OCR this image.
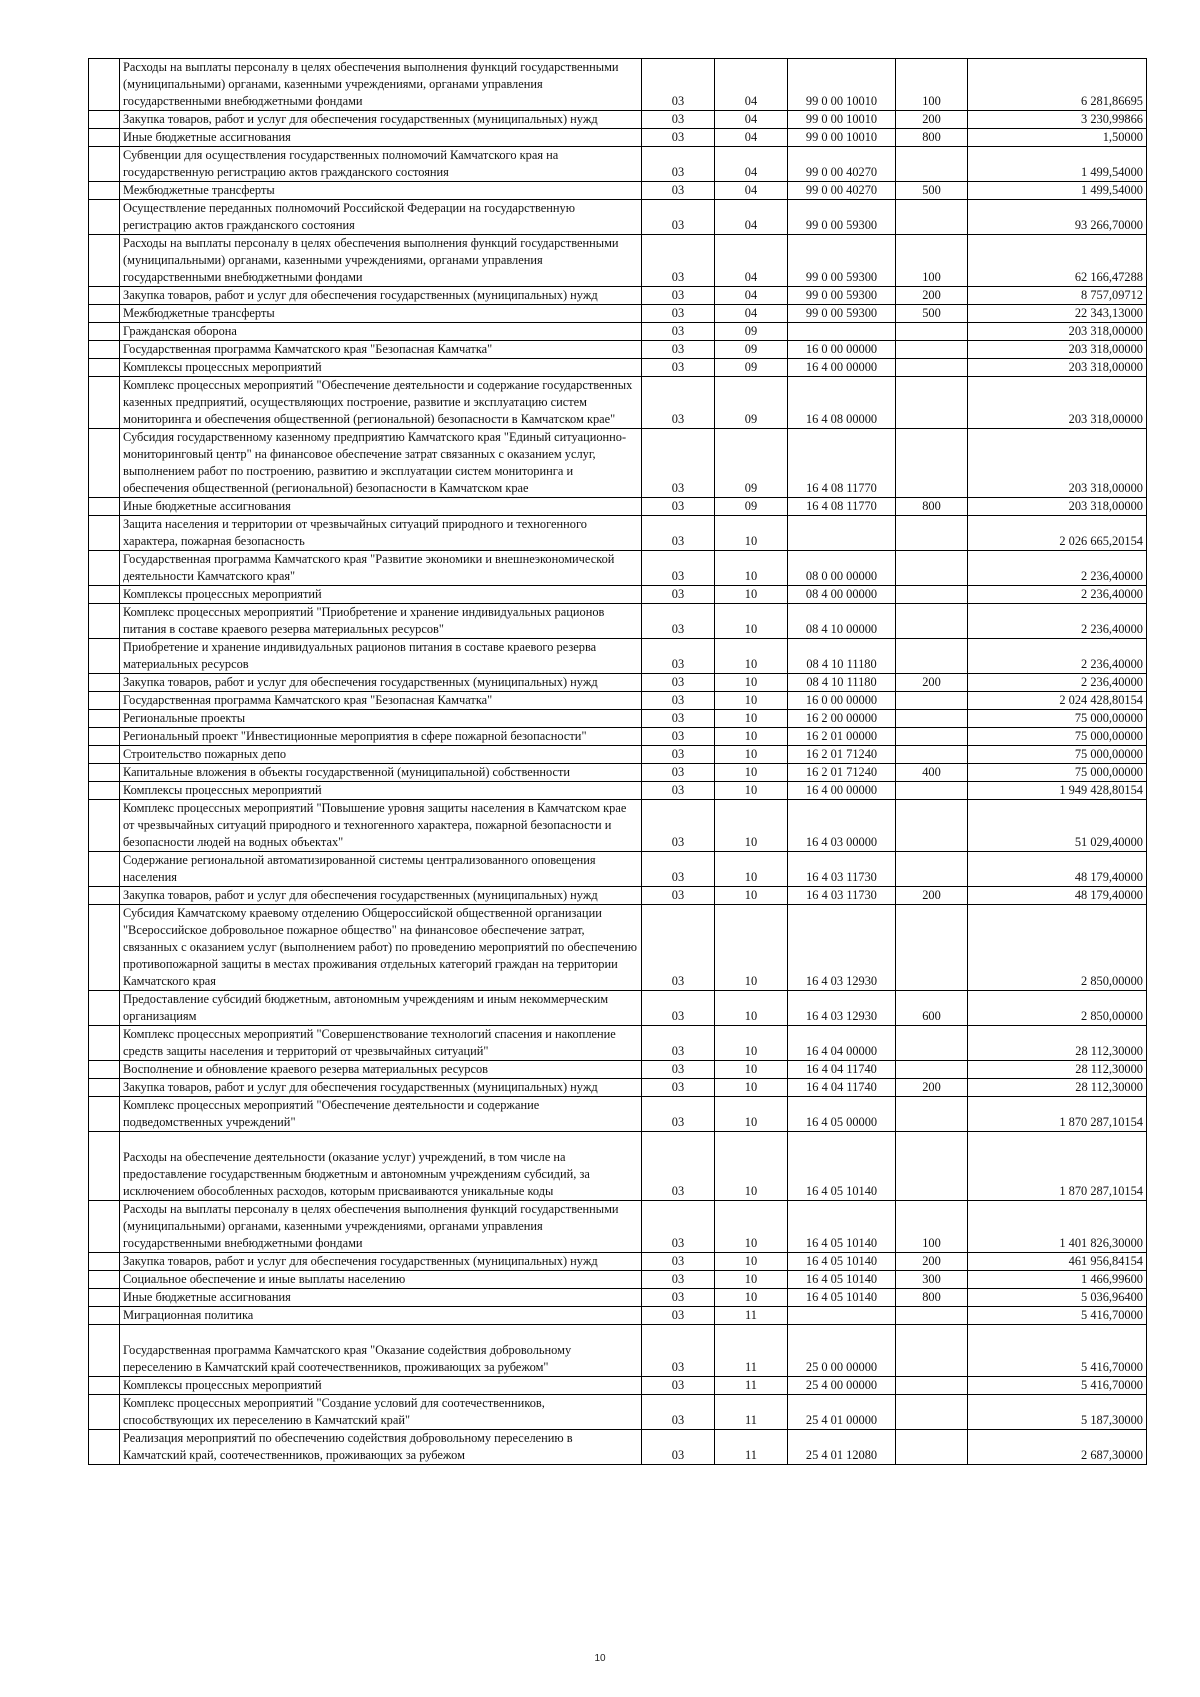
	Расходы на выплаты персоналу в целях обеспечения выполнения функций государственными (муниципальными) органами, казенными учреждениями, органами управления государственными внебюджетными фондами	03	04	99 0 00 10010	100	6 281,86695
	Закупка товаров, работ и услуг для обеспечения государственных (муниципальных) нужд	03	04	99 0 00 10010	200	3 230,99866
	Иные бюджетные ассигнования	03	04	99 0 00 10010	800	1,50000
	Субвенции для осуществления государственных полномочий Камчатского края на государственную регистрацию актов гражданского состояния	03	04	99 0 00 40270		1 499,54000
	Межбюджетные трансферты	03	04	99 0 00 40270	500	1 499,54000
	Осуществление переданных полномочий Российской Федерации на государственную регистрацию актов гражданского состояния	03	04	99 0 00 59300		93 266,70000
	Расходы на выплаты персоналу в целях обеспечения выполнения функций государственными (муниципальными) органами, казенными учреждениями, органами управления государственными внебюджетными фондами	03	04	99 0 00 59300	100	62 166,47288
	Закупка товаров, работ и услуг для обеспечения государственных (муниципальных) нужд	03	04	99 0 00 59300	200	8 757,09712
	Межбюджетные трансферты	03	04	99 0 00 59300	500	22 343,13000
	Гражданская оборона	03	09			203 318,00000
	Государственная программа Камчатского края "Безопасная Камчатка"	03	09	16 0 00 00000		203 318,00000
	Комплексы процессных мероприятий	03	09	16 4 00 00000		203 318,00000
	Комплекс процессных мероприятий "Обеспечение деятельности и содержание государственных казенных предприятий, осуществляющих построение, развитие и эксплуатацию систем мониторинга и обеспечения общественной (региональной) безопасности в Камчатском крае"	03	09	16 4 08 00000		203 318,00000
	Субсидия государственному казенному предприятию Камчатского края "Единый ситуационно-мониторинговый центр" на финансовое обеспечение затрат связанных с оказанием услуг, выполнением работ по построению, развитию и эксплуатации систем мониторинга и обеспечения общественной (региональной) безопасности в Камчатском крае	03	09	16 4 08 11770		203 318,00000
	Иные бюджетные ассигнования	03	09	16 4 08 11770	800	203 318,00000
	Защита населения и территории от чрезвычайных ситуаций природного и техногенного характера, пожарная безопасность	03	10			2 026 665,20154
	Государственная программа Камчатского края "Развитие экономики и внешнеэкономической деятельности Камчатского края"	03	10	08 0 00 00000		2 236,40000
	Комплексы процессных мероприятий	03	10	08 4 00 00000		2 236,40000
	Комплекс процессных мероприятий "Приобретение и хранение индивидуальных рационов питания в составе краевого резерва материальных ресурсов"	03	10	08 4 10 00000		2 236,40000
	Приобретение и хранение индивидуальных рационов питания в составе краевого резерва материальных ресурсов	03	10	08 4 10 11180		2 236,40000
	Закупка товаров, работ и услуг для обеспечения государственных (муниципальных) нужд	03	10	08 4 10 11180	200	2 236,40000
	Государственная программа Камчатского края "Безопасная Камчатка"	03	10	16 0 00 00000		2 024 428,80154
	Региональные проекты	03	10	16 2 00 00000		75 000,00000
	Региональный проект "Инвестиционные мероприятия в сфере пожарной безопасности"	03	10	16 2 01 00000		75 000,00000
	Строительство пожарных депо	03	10	16 2 01 71240		75 000,00000
	Капитальные вложения в объекты государственной (муниципальной) собственности	03	10	16 2 01 71240	400	75 000,00000
	Комплексы процессных мероприятий	03	10	16 4 00 00000		1 949 428,80154
	Комплекс процессных мероприятий "Повышение уровня защиты населения в Камчатском крае от чрезвычайных ситуаций природного и техногенного характера, пожарной безопасности и безопасности людей на водных объектах"	03	10	16 4 03 00000		51 029,40000
	Содержание региональной автоматизированной системы централизованного оповещения населения	03	10	16 4 03 11730		48 179,40000
	Закупка товаров, работ и услуг для обеспечения государственных (муниципальных) нужд	03	10	16 4 03 11730	200	48 179,40000
	Субсидия Камчатскому краевому отделению Общероссийской общественной организации "Всероссийское добровольное пожарное общество" на финансовое обеспечение затрат, связанных с оказанием услуг (выполнением работ) по проведению мероприятий по обеспечению противопожарной защиты в местах проживания отдельных категорий граждан на территории Камчатского края	03	10	16 4 03 12930		2 850,00000
	Предоставление субсидий бюджетным, автономным учреждениям и иным некоммерческим организациям	03	10	16 4 03 12930	600	2 850,00000
	Комплекс процессных мероприятий "Совершенствование технологий спасения и накопление средств защиты населения и территорий от чрезвычайных ситуаций"	03	10	16 4 04 00000		28 112,30000
	Восполнение и обновление краевого резерва материальных ресурсов	03	10	16 4 04 11740		28 112,30000
	Закупка товаров, работ и услуг для обеспечения государственных (муниципальных) нужд	03	10	16 4 04 11740	200	28 112,30000
	Комплекс процессных мероприятий "Обеспечение деятельности и содержание подведомственных учреждений"	03	10	16 4 05 00000		1 870 287,10154
	Расходы на обеспечение деятельности (оказание услуг) учреждений, в том числе на предоставление государственным бюджетным и автономным учреждениям субсидий, за исключением обособленных расходов, которым присваиваются уникальные коды	03	10	16 4 05 10140		1 870 287,10154
	Расходы на выплаты персоналу в целях обеспечения выполнения функций государственными (муниципальными) органами, казенными учреждениями, органами управления государственными внебюджетными фондами	03	10	16 4 05 10140	100	1 401 826,30000
	Закупка товаров, работ и услуг для обеспечения государственных (муниципальных) нужд	03	10	16 4 05 10140	200	461 956,84154
	Социальное обеспечение и иные выплаты населению	03	10	16 4 05 10140	300	1 466,99600
	Иные бюджетные ассигнования	03	10	16 4 05 10140	800	5 036,96400
	Миграционная политика	03	11			5 416,70000
	Государственная программа Камчатского края "Оказание содействия добровольному переселению в Камчатский край соотечественников, проживающих за рубежом"	03	11	25 0 00 00000		5 416,70000
	Комплексы процессных мероприятий	03	11	25 4 00 00000		5 416,70000
	Комплекс процессных мероприятий "Создание условий для соотечественников, способствующих их переселению в Камчатский край"	03	11	25 4 01 00000		5 187,30000
	Реализация мероприятий по обеспечению содействия добровольному переселению в Камчатский край, соотечественников, проживающих за рубежом	03	11	25 4 01 12080		2 687,30000
10
